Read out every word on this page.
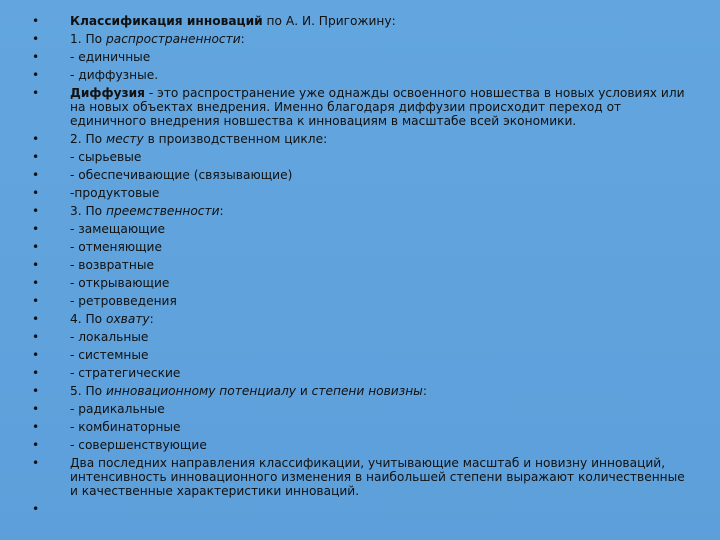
•	Классификация инноваций по А. И. Пригожину:
•	1. По распространенности:
•	- единичные
•	- диффузные.
•	Диффузия - это распространение уже однажды освоенного новшества в новых условиях или на новых объектах внедрения. Именно благодаря диффузии происходит переход от единичного внедрения новшества к инновациям в масштабе всей экономики.
•	2. По месту в производственном цикле:
•	- сырьевые
•	- обеспечивающие (связывающие)
•	-продуктовые
•	3. По преемственности:
•	- замещающие
•	- отменяющие
•	- возвратные
•	- открывающие
•	- ретровведения
•	4. По охвату:
•	- локальные
•	- системные
•	- стратегические
•	5. По инновационному потенциалу и степени новизны:
•	- радикальные
•	- комбинаторные
•	- совершенствующие
•	Два последних направления классификации, учитывающие масштаб и новизну инноваций, интенсивность инновационного изменения в наибольшей степени выражают количественные и качественные характеристики инноваций.
•
